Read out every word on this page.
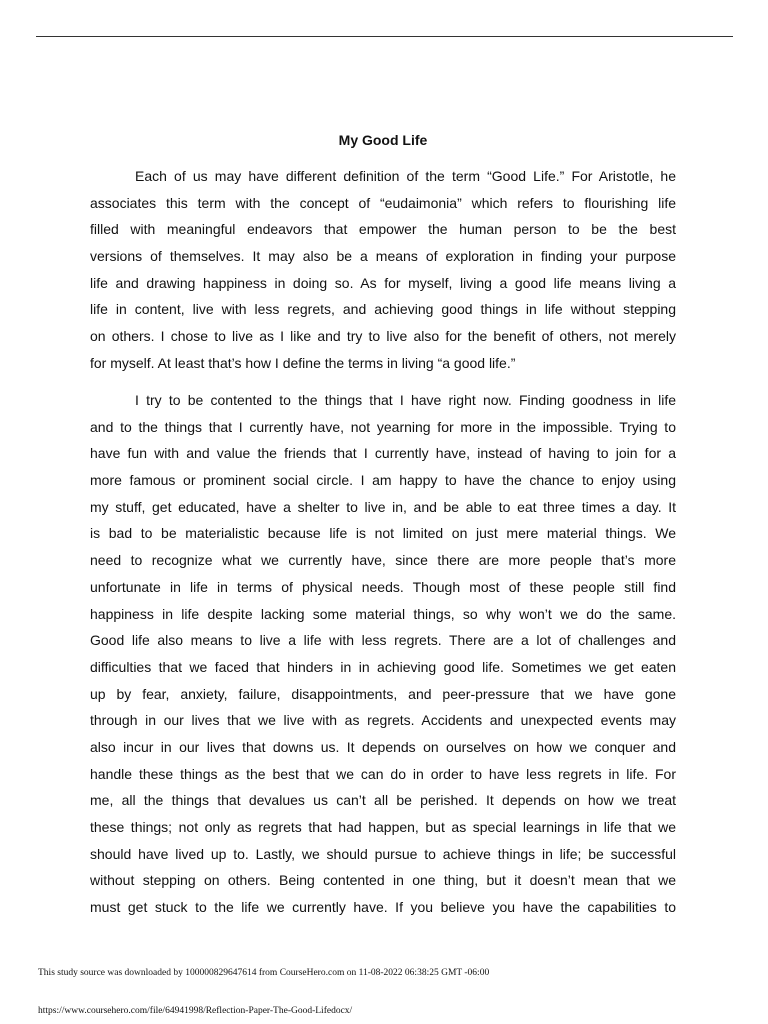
My Good Life
Each of us may have different definition of the term “Good Life.” For Aristotle, he
associates this term with the concept of “eudaimonia” which refers to flourishing life
filled with meaningful endeavors that empower the human person to be the best
versions of themselves. It may also be a means of exploration in finding your purpose
life and drawing happiness in doing so. As for myself, living a good life means living a
life in content, live with less regrets, and achieving good things in life without stepping
on others. I chose to live as I like and try to live also for the benefit of others, not merely
for myself. At least that’s how I define the terms in living “a good life.”
I try to be contented to the things that I have right now. Finding goodness in life
and to the things that I currently have, not yearning for more in the impossible. Trying to
have fun with and value the friends that I currently have, instead of having to join for a
more famous or prominent social circle. I am happy to have the chance to enjoy using
my stuff, get educated, have a shelter to live in, and be able to eat three times a day. It
is bad to be materialistic because life is not limited on just mere material things. We
need to recognize what we currently have, since there are more people that’s more
unfortunate in life in terms of physical needs. Though most of these people still find
happiness in life despite lacking some material things, so why won’t we do the same.
Good life also means to live a life with less regrets. There are a lot of challenges and
difficulties that we faced that hinders in in achieving good life. Sometimes we get eaten
up by fear, anxiety, failure, disappointments, and peer-pressure that we have gone
through in our lives that we live with as regrets. Accidents and unexpected events may
also incur in our lives that downs us. It depends on ourselves on how we conquer and
handle these things as the best that we can do in order to have less regrets in life. For
me, all the things that devalues us can’t all be perished. It depends on how we treat
these things; not only as regrets that had happen, but as special learnings in life that we
should have lived up to. Lastly, we should pursue to achieve things in life; be successful
without stepping on others. Being contented in one thing, but it doesn’t mean that we
must get stuck to the life we currently have. If you believe you have the capabilities to
This study source was downloaded by 100000829647614 from CourseHero.com on 11-08-2022 06:38:25 GMT -06:00
https://www.coursehero.com/file/64941998/Reflection-Paper-The-Good-Lifedocx/
